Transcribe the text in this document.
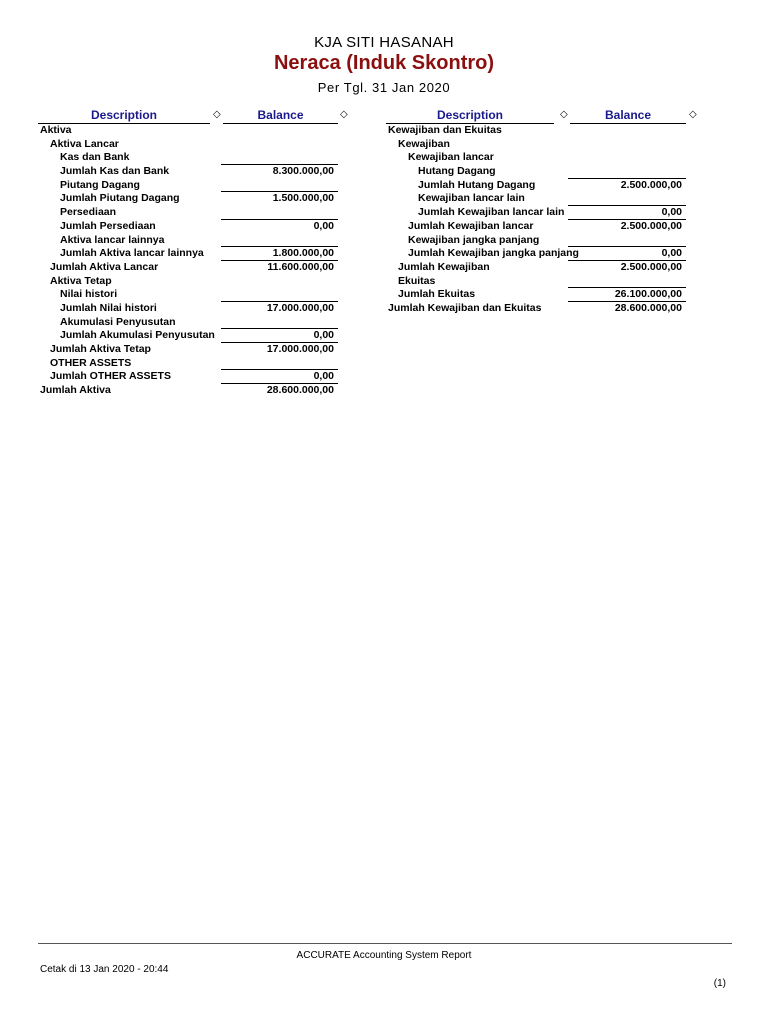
KJA SITI HASANAH
Neraca (Induk Skontro)
Per Tgl. 31 Jan 2020
Description	◇	Balance	◇
Aktiva
Aktiva Lancar
Kas dan Bank
Jumlah Kas dan Bank	8.300.000,00
Piutang Dagang
Jumlah Piutang Dagang	1.500.000,00
Persediaan
Jumlah Persediaan	0,00
Aktiva lancar lainnya
Jumlah Aktiva lancar lainnya	1.800.000,00
Jumlah Aktiva Lancar	11.600.000,00
Aktiva Tetap
Nilai histori
Jumlah Nilai histori	17.000.000,00
Akumulasi Penyusutan
Jumlah Akumulasi Penyusutan	0,00
Jumlah Aktiva Tetap	17.000.000,00
OTHER ASSETS
Jumlah OTHER ASSETS	0,00
Jumlah Aktiva	28.600.000,00
Description	◇	Balance	◇
Kewajiban dan Ekuitas
Kewajiban
Kewajiban lancar
Hutang Dagang
Jumlah Hutang Dagang	2.500.000,00
Kewajiban lancar lain
Jumlah Kewajiban lancar lain	0,00
Jumlah Kewajiban lancar	2.500.000,00
Kewajiban jangka panjang
Jumlah Kewajiban jangka panjang	0,00
Jumlah Kewajiban	2.500.000,00
Ekuitas
Jumlah Ekuitas	26.100.000,00
Jumlah Kewajiban dan Ekuitas	28.600.000,00
ACCURATE Accounting System Report
Cetak di 13 Jan 2020 - 20:44
(1)
